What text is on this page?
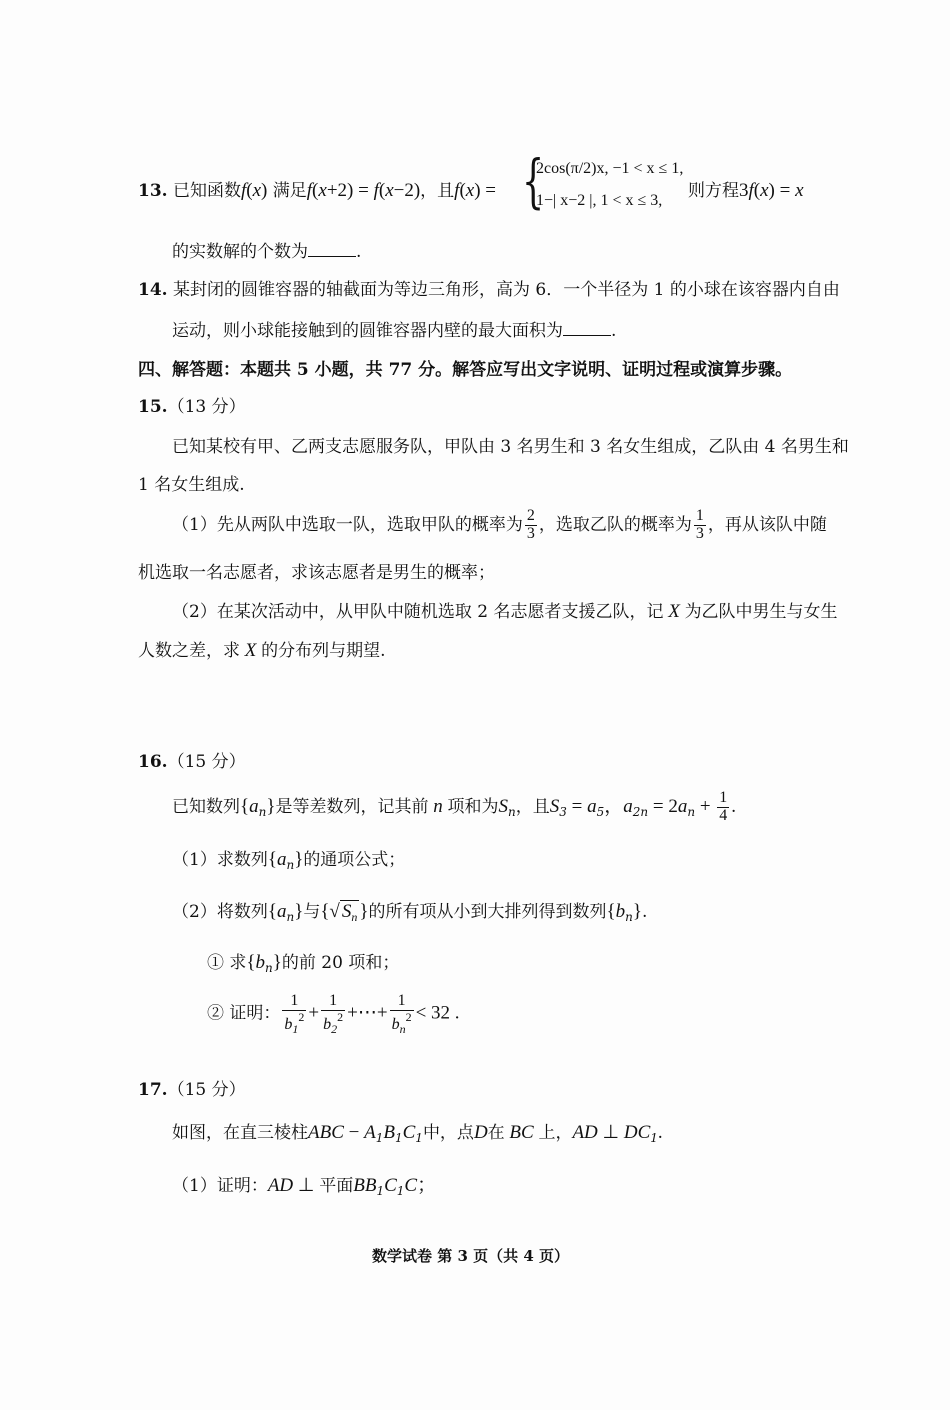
13. 已知函数f(x) 满足f(x+2) = f(x−2)，且f(x) = {
2cos(π/2)x, −1 < x ≤ 1,
1−| x−2 |, 1 < x ≤ 3, 则方程3f(x) = x
的实数解的个数为	.
14. 某封闭的圆锥容器的轴截面为等边三角形，高为 6．一个半径为 1 的小球在该容器内自由
运动，则小球能接触到的圆锥容器内壁的最大面积为	.
四、解答题：本题共 5 小题，共 77 分。解答应写出文字说明、证明过程或演算步骤。
15.（13 分）
已知某校有甲、乙两支志愿服务队，甲队由 3 名男生和 3 名女生组成，乙队由 4 名男生和
1 名女生组成.
（1）先从两队中选取一队，选取甲队的概率为 $\frac{2}{3}$ ，选取乙队的概率为 $\frac{1}{3}$ ，再从该队中随
机选取一名志愿者，求该志愿者是男生的概率；
（2）在某次活动中，从甲队中随机选取 2 名志愿者支援乙队，记 X 为乙队中男生与女生
人数之差，求 X 的分布列与期望.
16.（15 分）
已知数列$\{a_n\}$是等差数列，记其前 n 项和为$S_n$，且$S_3 = a_5$，$a_{2n} = 2a_n + \frac{1}{4}$ .
（1）求数列$\{a_n\}$的通项公式；
（2）将数列$\{a_n\}$与{√ $S_n$ }的所有项从小到大排列得到数列$\{b_n\}$.
① 求$\{b_n\}$的前 20 项和；
② 证明： $\frac{1}{b_1^2} + \frac{1}{b_2^2}$ +⋯+ $\frac{1}{b_n^2} < 32$ .
17.（15 分）
如图，在直三棱柱ABC − $A_1B_1C_1$中，点D在 BC 上，AD ⊥ $DC_1$.
（1）证明：AD ⊥ 平面$BB_1C_1C$；
数学试卷 第 3 页（共 4 页）
